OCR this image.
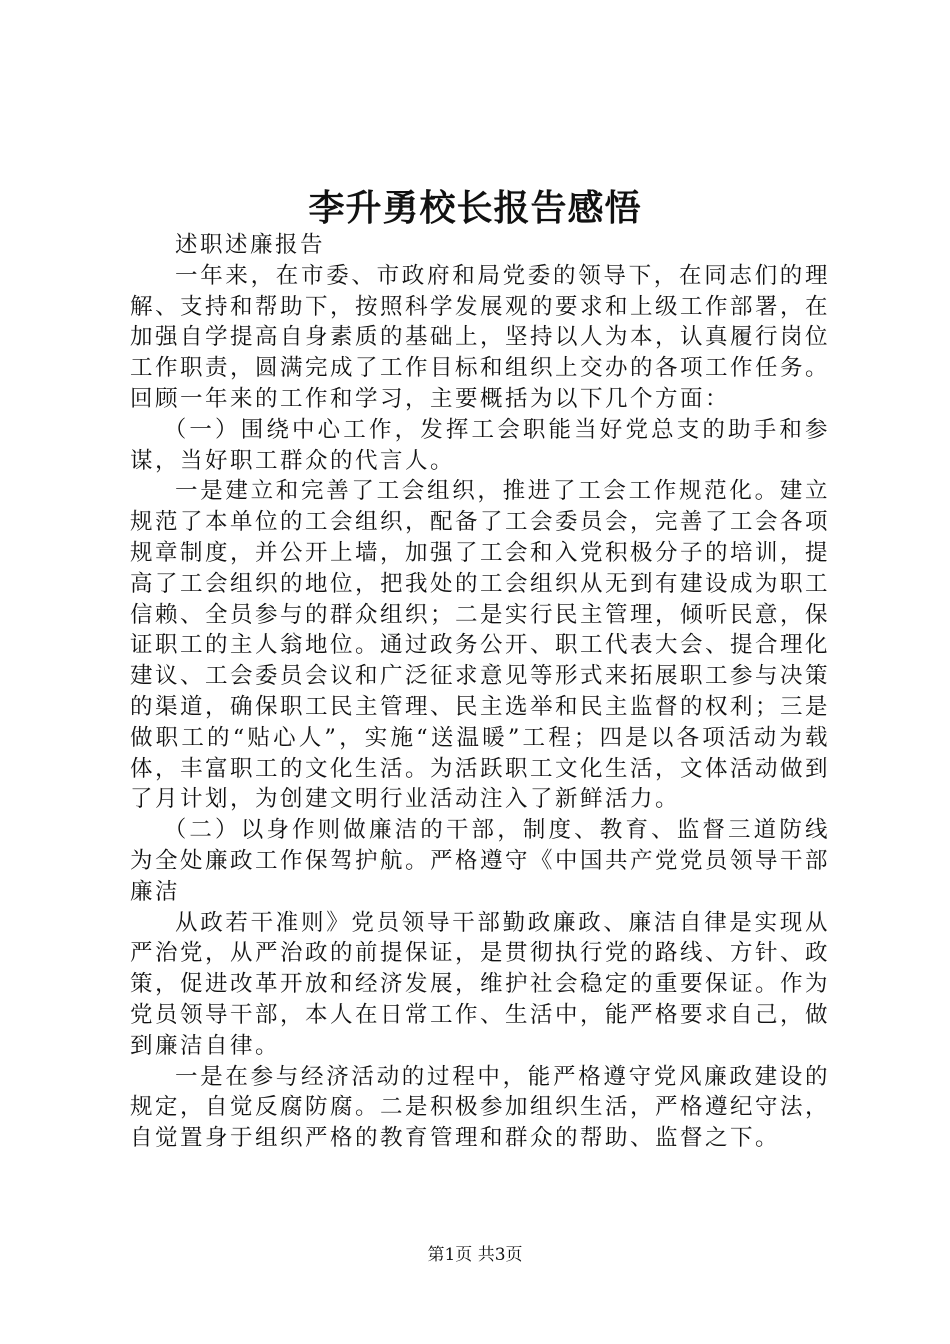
李升勇校长报告感悟

述职述廉报告

一年来，在市委、市政府和局党委的领导下，在同志们的理解、支持和帮助下，按照科学发展观的要求和上级工作部署，在加强自学提高自身素质的基础上，坚持以人为本，认真履行岗位工作职责，圆满完成了工作目标和组织上交办的各项工作任务。回顾一年来的工作和学习，主要概括为以下几个方面：

（一）围绕中心工作，发挥工会职能当好党总支的助手和参谋，当好职工群众的代言人。

一是建立和完善了工会组织，推进了工会工作规范化。建立规范了本单位的工会组织，配备了工会委员会，完善了工会各项规章制度，并公开上墙，加强了工会和入党积极分子的培训，提高了工会组织的地位，把我处的工会组织从无到有建设成为职工信赖、全员参与的群众组织；二是实行民主管理，倾听民意，保证职工的主人翁地位。通过政务公开、职工代表大会、提合理化建议、工会委员会议和广泛征求意见等形式来拓展职工参与决策的渠道，确保职工民主管理、民主选举和民主监督的权利；三是做职工的“贴心人”，实施“送温暖”工程；四是以各项活动为载体，丰富职工的文化生活。为活跃职工文化生活，文体活动做到了月计划，为创建文明行业活动注入了新鲜活力。

（二）以身作则做廉洁的干部，制度、教育、监督三道防线为全处廉政工作保驾护航。严格遵守《中国共产党党员领导干部廉洁

从政若干准则》党员领导干部勤政廉政、廉洁自律是实现从严治党，从严治政的前提保证，是贯彻执行党的路线、方针、政策，促进改革开放和经济发展，维护社会稳定的重要保证。作为党员领导干部，本人在日常工作、生活中，能严格要求自己，做到廉洁自律。

一是在参与经济活动的过程中，能严格遵守党风廉政建设的规定，自觉反腐防腐。二是积极参加组织生活，严格遵纪守法，自觉置身于组织严格的教育管理和群众的帮助、监督之下。

第1页 共3页
